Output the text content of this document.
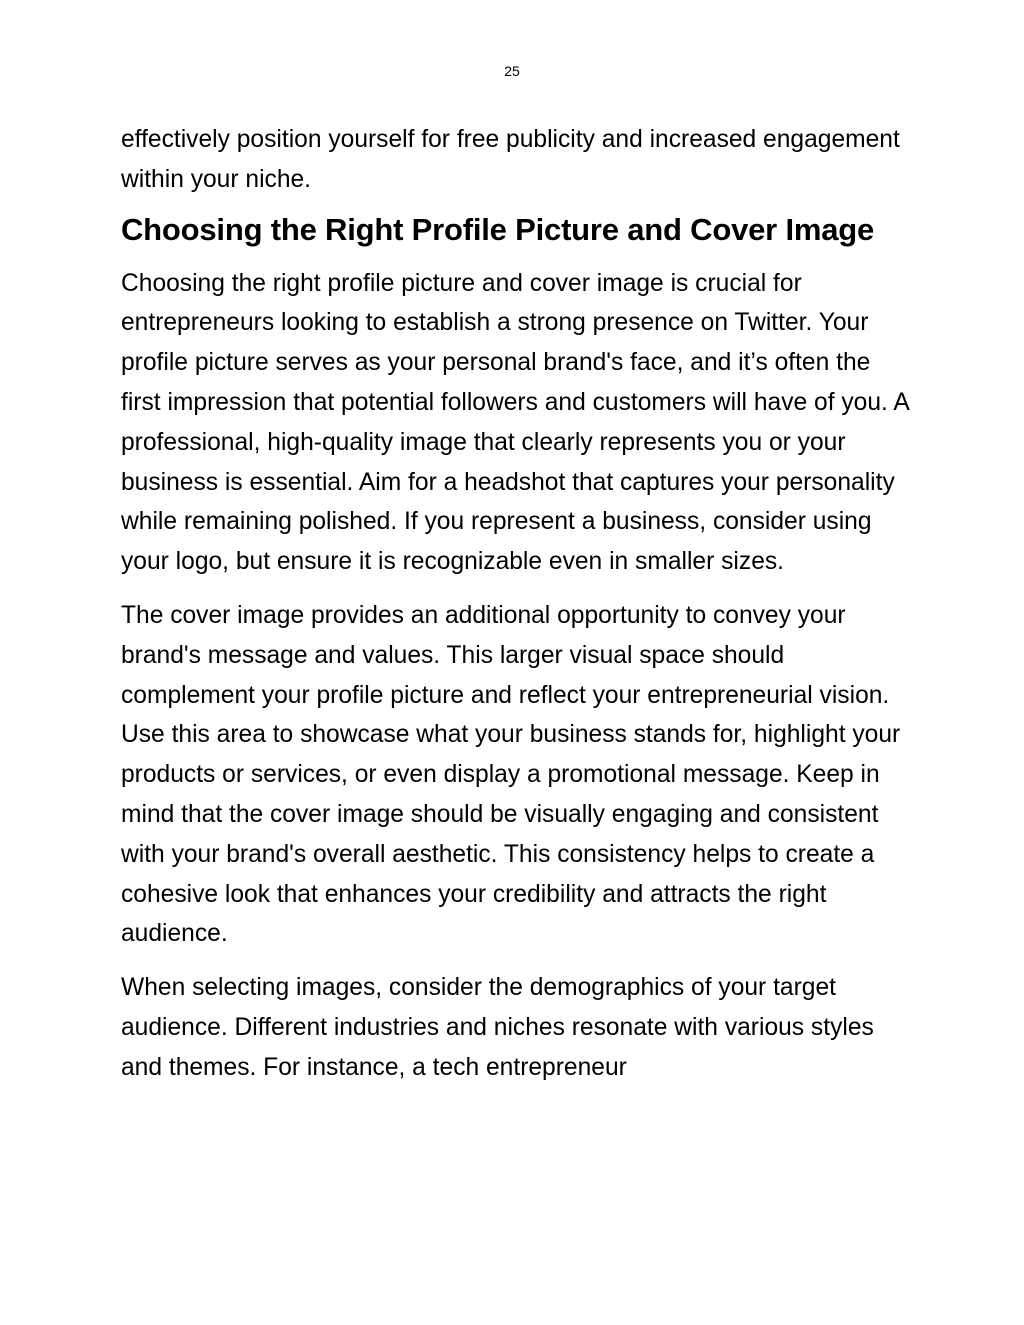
25

effectively position yourself for free publicity and increased engagement within your niche.

Choosing the Right Profile Picture and Cover Image

Choosing the right profile picture and cover image is crucial for entrepreneurs looking to establish a strong presence on Twitter. Your profile picture serves as your personal brand's face, and it’s often the first impression that potential followers and customers will have of you. A professional, high-quality image that clearly represents you or your business is essential. Aim for a headshot that captures your personality while remaining polished. If you represent a business, consider using your logo, but ensure it is recognizable even in smaller sizes.

The cover image provides an additional opportunity to convey your brand's message and values. This larger visual space should complement your profile picture and reflect your entrepreneurial vision. Use this area to showcase what your business stands for, highlight your products or services, or even display a promotional message. Keep in mind that the cover image should be visually engaging and consistent with your brand's overall aesthetic. This consistency helps to create a cohesive look that enhances your credibility and attracts the right audience.

When selecting images, consider the demographics of your target audience. Different industries and niches resonate with various styles and themes. For instance, a tech entrepreneur
